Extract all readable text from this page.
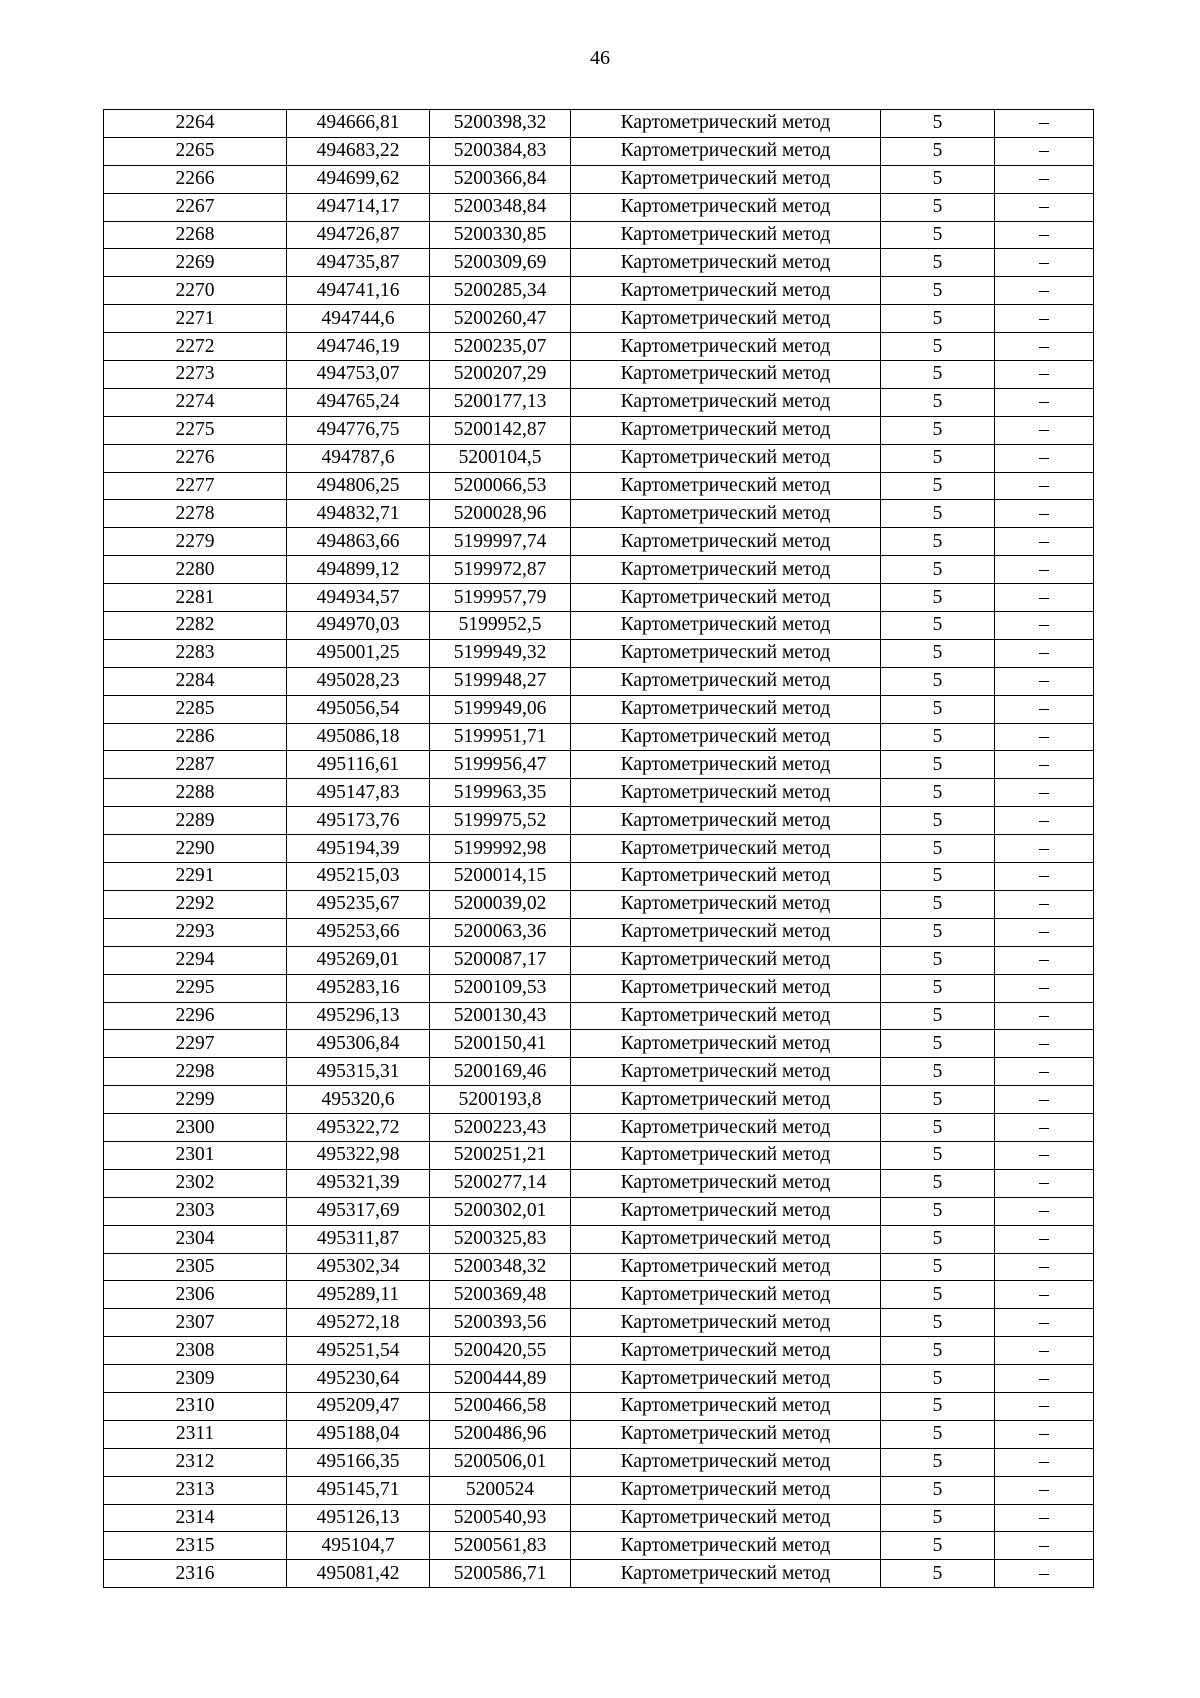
46
2264	494666,81	5200398,32	Картометрический метод	5	–
2265	494683,22	5200384,83	Картометрический метод	5	–
2266	494699,62	5200366,84	Картометрический метод	5	–
2267	494714,17	5200348,84	Картометрический метод	5	–
2268	494726,87	5200330,85	Картометрический метод	5	–
2269	494735,87	5200309,69	Картометрический метод	5	–
2270	494741,16	5200285,34	Картометрический метод	5	–
2271	494744,6	5200260,47	Картометрический метод	5	–
2272	494746,19	5200235,07	Картометрический метод	5	–
2273	494753,07	5200207,29	Картометрический метод	5	–
2274	494765,24	5200177,13	Картометрический метод	5	–
2275	494776,75	5200142,87	Картометрический метод	5	–
2276	494787,6	5200104,5	Картометрический метод	5	–
2277	494806,25	5200066,53	Картометрический метод	5	–
2278	494832,71	5200028,96	Картометрический метод	5	–
2279	494863,66	5199997,74	Картометрический метод	5	–
2280	494899,12	5199972,87	Картометрический метод	5	–
2281	494934,57	5199957,79	Картометрический метод	5	–
2282	494970,03	5199952,5	Картометрический метод	5	–
2283	495001,25	5199949,32	Картометрический метод	5	–
2284	495028,23	5199948,27	Картометрический метод	5	–
2285	495056,54	5199949,06	Картометрический метод	5	–
2286	495086,18	5199951,71	Картометрический метод	5	–
2287	495116,61	5199956,47	Картометрический метод	5	–
2288	495147,83	5199963,35	Картометрический метод	5	–
2289	495173,76	5199975,52	Картометрический метод	5	–
2290	495194,39	5199992,98	Картометрический метод	5	–
2291	495215,03	5200014,15	Картометрический метод	5	–
2292	495235,67	5200039,02	Картометрический метод	5	–
2293	495253,66	5200063,36	Картометрический метод	5	–
2294	495269,01	5200087,17	Картометрический метод	5	–
2295	495283,16	5200109,53	Картометрический метод	5	–
2296	495296,13	5200130,43	Картометрический метод	5	–
2297	495306,84	5200150,41	Картометрический метод	5	–
2298	495315,31	5200169,46	Картометрический метод	5	–
2299	495320,6	5200193,8	Картометрический метод	5	–
2300	495322,72	5200223,43	Картометрический метод	5	–
2301	495322,98	5200251,21	Картометрический метод	5	–
2302	495321,39	5200277,14	Картометрический метод	5	–
2303	495317,69	5200302,01	Картометрический метод	5	–
2304	495311,87	5200325,83	Картометрический метод	5	–
2305	495302,34	5200348,32	Картометрический метод	5	–
2306	495289,11	5200369,48	Картометрический метод	5	–
2307	495272,18	5200393,56	Картометрический метод	5	–
2308	495251,54	5200420,55	Картометрический метод	5	–
2309	495230,64	5200444,89	Картометрический метод	5	–
2310	495209,47	5200466,58	Картометрический метод	5	–
2311	495188,04	5200486,96	Картометрический метод	5	–
2312	495166,35	5200506,01	Картометрический метод	5	–
2313	495145,71	5200524	Картометрический метод	5	–
2314	495126,13	5200540,93	Картометрический метод	5	–
2315	495104,7	5200561,83	Картометрический метод	5	–
2316	495081,42	5200586,71	Картометрический метод	5	–
